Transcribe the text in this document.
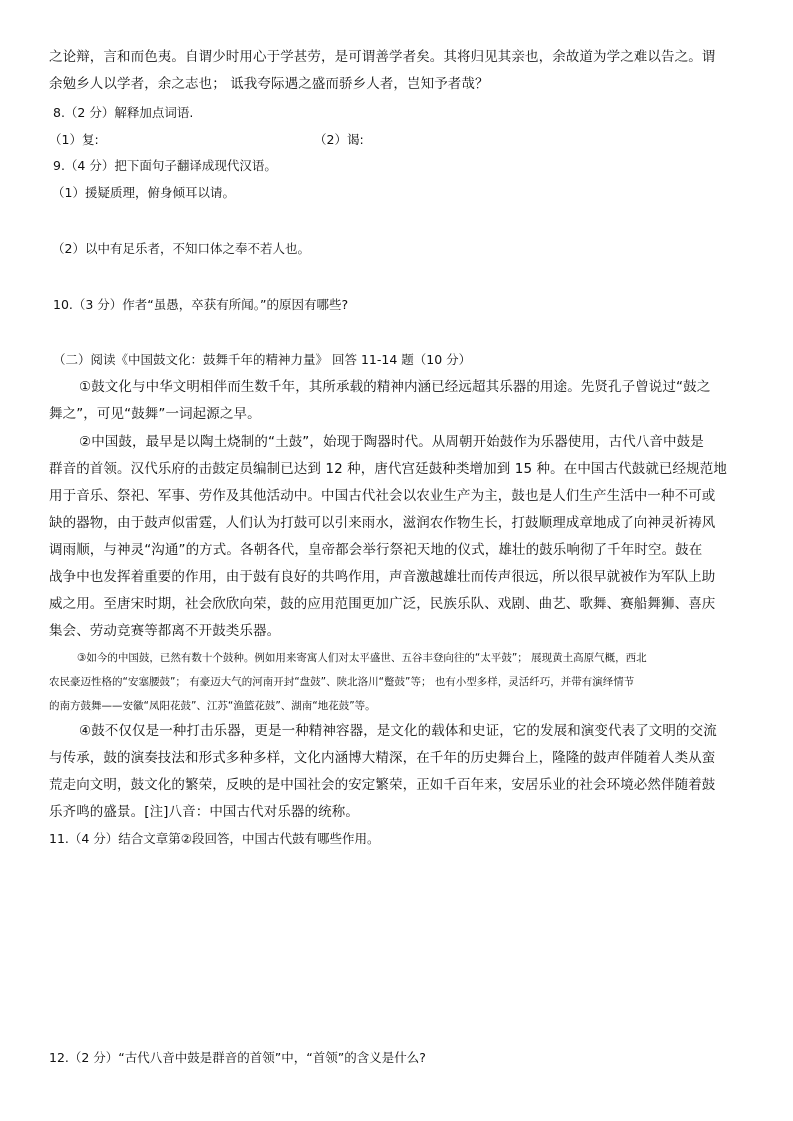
之论辩，言和而色夷。自谓少时用心于学甚劳，是可谓善学者矣。其将归见其亲也，余故道为学之难以告之。谓
余勉乡人以学者，余之志也； 诋我夸际遇之盛而骄乡人者，岂知予者哉？
8.（2 分）解释加点词语.
（1）复:	（2）谒:
9.（4 分）把下面句子翻译成现代汉语。
（1）援疑质理，俯身倾耳以请。
（2）以中有足乐者，不知口体之奉不若人也。
10.（3 分）作者“虽愚，卒获有所闻。”的原因有哪些?
（二）阅读《中国鼓文化：鼓舞千年的精神力量》 回答 11-14 题（10 分）
①鼓文化与中华文明相伴而生数千年，其所承载的精神内涵已经远超其乐器的用途。先贤孔子曾说过“鼓之
舞之”，可见“鼓舞”一词起源之早。
②中国鼓，最早是以陶土烧制的“土鼓”，始现于陶器时代。从周朝开始鼓作为乐器使用，古代八音中鼓是
群音的首领。汉代乐府的击鼓定员编制已达到 12 种，唐代宫廷鼓种类增加到 15 种。在中国古代鼓就已经规范地
用于音乐、祭祀、军事、劳作及其他活动中。中国古代社会以农业生产为主，鼓也是人们生产生活中一种不可或
缺的器物，由于鼓声似雷霆，人们认为打鼓可以引来雨水，滋润农作物生长，打鼓顺理成章地成了向神灵祈祷风
调雨顺，与神灵“沟通”的方式。各朝各代，皇帝都会举行祭祀天地的仪式，雄壮的鼓乐响彻了千年时空。鼓在
战争中也发挥着重要的作用，由于鼓有良好的共鸣作用，声音激越雄壮而传声很远，所以很早就被作为军队上助
威之用。至唐宋时期，社会欣欣向荣，鼓的应用范围更加广泛，民族乐队、戏剧、曲艺、歌舞、赛船舞狮、喜庆
集会、劳动竞赛等都离不开鼓类乐器。
③如今的中国鼓，已然有数十个鼓种。例如用来寄寓人们对太平盛世、五谷丰登向往的“太平鼓”； 展现黄土高原气概，西北
农民豪迈性格的“安塞腰鼓”； 有豪迈大气的河南开封“盘鼓”、陕北洛川“蹩鼓”等； 也有小型多样，灵活纤巧，并带有演绎情节
的南方鼓舞——安徽“凤阳花鼓”、江苏“渔篮花鼓”、湖南“地花鼓”等。
④鼓不仅仅是一种打击乐器，更是一种精神容器，是文化的载体和史证，它的发展和演变代表了文明的交流
与传承，鼓的演奏技法和形式多种多样，文化内涵博大精深，在千年的历史舞台上，隆隆的鼓声伴随着人类从蛮
荒走向文明，鼓文化的繁荣，反映的是中国社会的安定繁荣，正如千百年来，安居乐业的社会环境必然伴随着鼓
乐齐鸣的盛景。[注]八音：中国古代对乐器的统称。
11.（4 分）结合文章第②段回答，中国古代鼓有哪些作用。
12.（2 分）“古代八音中鼓是群音的首领”中，“首领”的含义是什么?
